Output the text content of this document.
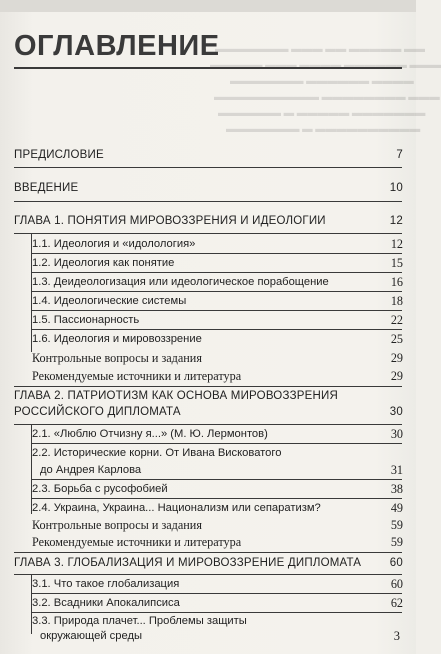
▬▬ ▬▬▬▬▬ ▬▬ ▬▬▬ ▬▬▬▬▬▬▬
▬▬▬ ▬▬▬▬▬▬ ▬▬▬▬ ▬▬▬ ▬▬▬▬▬
▬▬▬▬ ▬▬▬▬▬▬ ▬▬▬▬▬▬▬
▬▬▬ ▬▬▬▬▬▬▬▬ ▬▬▬▬▬▬▬▬▬▬
▬▬▬▬▬▬▬ ▬▬▬▬▬ ▬ ▬▬▬▬▬▬
▬▬▬▬▬▬▬▬▬▬ ▬ ▬▬▬▬▬▬▬
ОГЛАВЛЕНИЕ
ПРЕДИСЛОВИЕ	7
ВВЕДЕНИЕ	10
ГЛАВА 1. ПОНЯТИЯ МИРОВОЗЗРЕНИЯ И ИДЕОЛОГИИ	12
1.1. Идеология и «идолология»	12
1.2. Идеология как понятие	15
1.3. Деидеологизация или идеологическое порабощение	16
1.4. Идеологические системы	18
1.5. Пассионарность	22
1.6. Идеология и мировоззрение	25
Контрольные вопросы и задания	29
Рекомендуемые источники и литература	29
ГЛАВА 2. ПАТРИОТИЗМ КАК ОСНОВА МИРОВОЗЗРЕНИЯ
РОССИЙСКОГО ДИПЛОМАТА	30
2.1. «Люблю Отчизну я...» (М. Ю. Лермонтов)	30
2.2. Исторические корни. От Ивана Висковатого
до Андрея Карлова	31
2.3. Борьба с русофобией	38
2.4. Украина, Украина... Национализм или сепаратизм?	49
Контрольные вопросы и задания	59
Рекомендуемые источники и литература	59
ГЛАВА 3. ГЛОБАЛИЗАЦИЯ И МИРОВОЗЗРЕНИЕ ДИПЛОМАТА 60
3.1. Что такое глобализация	60
3.2. Всадники Апокалипсиса	62
3.3. Природа плачет... Проблемы защиты
окружающей среды	3
